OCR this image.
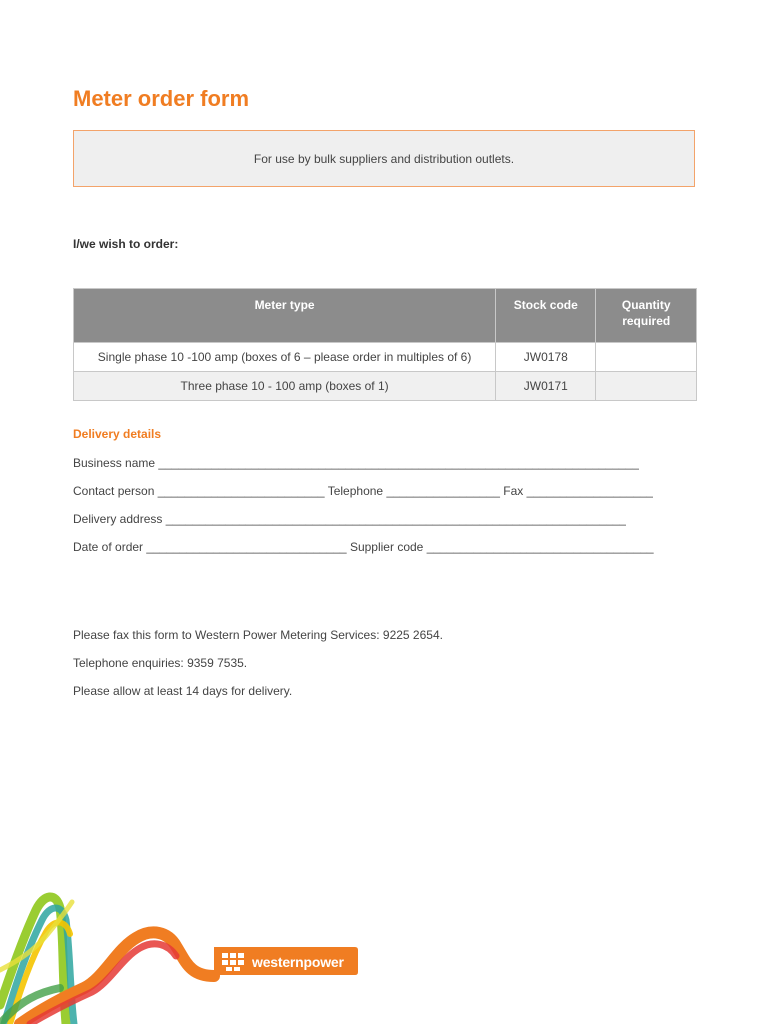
Meter order form
For use by bulk suppliers and distribution outlets.
I/we wish to order:
Meter type	Stock code	Quantity
required
Single phase 10 -100 amp (boxes of 6 – please order in multiples of 6)	JW0178	
Three phase 10 - 100 amp (boxes of 1)	JW0171	
Delivery details
Business name ________________________________________________________________________
Contact person _________________________ Telephone _________________ Fax ___________________
Delivery address _____________________________________________________________________
Date of order ______________________________ Supplier code __________________________________
Please fax this form to Western Power Metering Services: 9225 2654.
Telephone enquiries: 9359 7535.
Please allow at least 14 days for delivery.
westernpower
